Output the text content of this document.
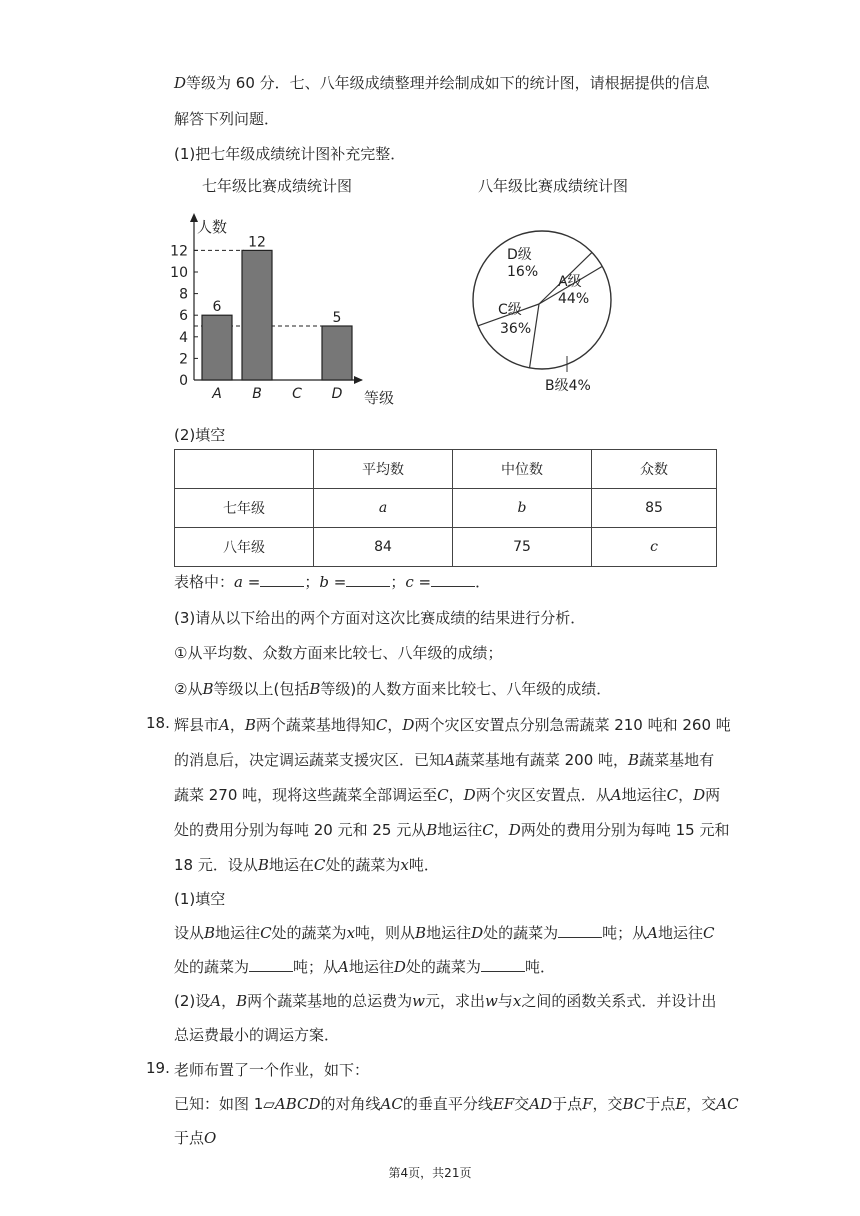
D等级为 60 分．七、八年级成绩整理并绘制成如下的统计图，请根据提供的信息
解答下列问题．
(1)把七年级成绩统计图补充完整．
七年级比赛成绩统计图	八年级比赛成绩统计图
0
2
4
6
8
10
12
6
A
12
B C
5
D
人数
等级
D级
16%
A级
44%
C级
36%
B级4%
(2)填空
	平均数	中位数	众数
七年级	a	b	85
八年级	84	75	c
表格中：a =	；b =	；c =	．
(3)请从以下给出的两个方面对这次比赛成绩的结果进行分析．
①从平均数、众数方面来比较七、八年级的成绩；
②从B等级以上(包括B等级)的人数方面来比较七、八年级的成绩．
18. 辉县市A，B两个蔬菜基地得知C，D两个灾区安置点分别急需蔬菜 210 吨和 260 吨
的消息后，决定调运蔬菜支援灾区．已知A蔬菜基地有蔬菜 200 吨，B蔬菜基地有
蔬菜 270 吨，现将这些蔬菜全部调运至C，D两个灾区安置点．从A地运往C，D两
处的费用分别为每吨 20 元和 25 元从B地运往C，D两处的费用分别为每吨 15 元和
18 元．设从B地运在C处的蔬菜为x吨．
(1)填空
设从B地运往C处的蔬菜为x吨，则从B地运往D处的蔬菜为	吨；从A地运往C
处的蔬菜为	吨；从A地运往D处的蔬菜为	吨．
(2)设A，B两个蔬菜基地的总运费为w元，求出w与x之间的函数关系式．并设计出
总运费最小的调运方案．
19. 老师布置了一个作业，如下：
已知：如图 1▱ABCD的对角线AC的垂直平分线EF交AD于点F，交BC于点E，交AC
于点O
第4页，共21页
